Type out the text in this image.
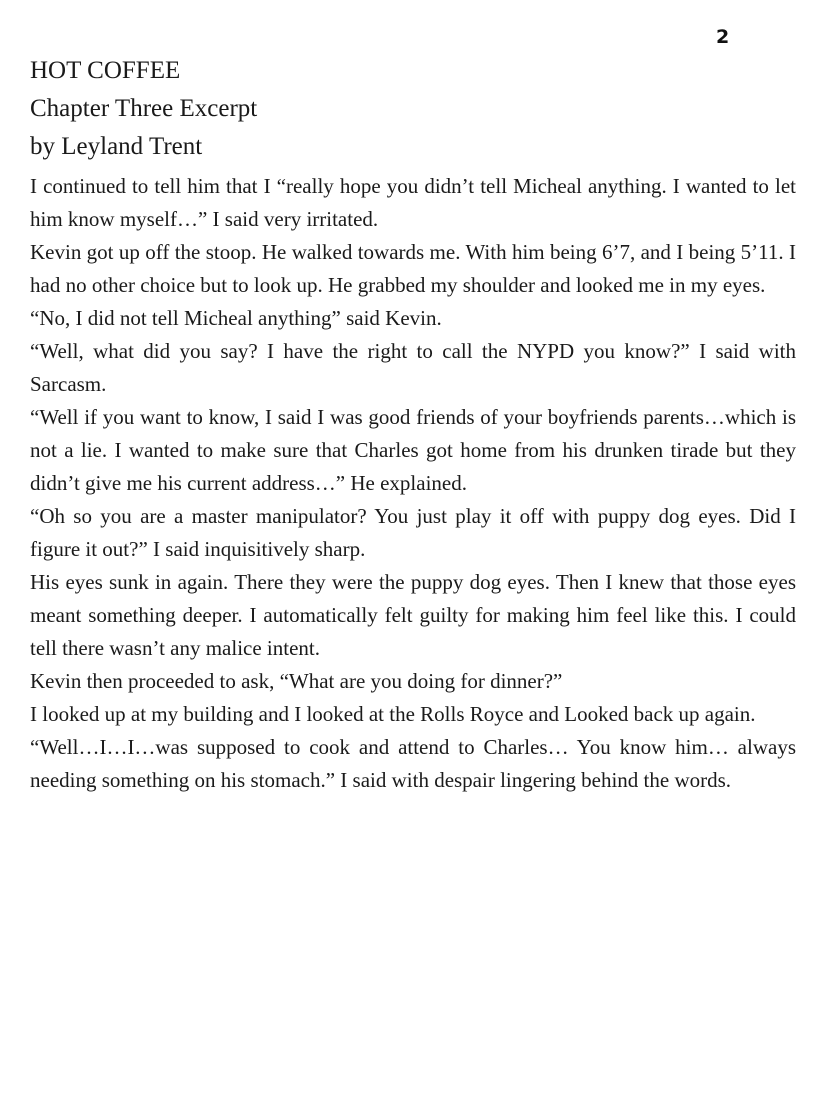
2
HOT COFFEE
Chapter Three Excerpt
by Leyland Trent

I continued to tell him that I “really hope you didn’t tell Micheal anything. I wanted to let him know myself…” I said very irritated.

Kevin got up off the stoop. He walked towards me. With him being 6’7, and I being 5’11. I had no other choice but to look up. He grabbed my shoulder and looked me in my eyes.

“No, I did not tell Micheal anything” said Kevin.

“Well, what did you say? I have the right to call the NYPD you know?” I said with Sarcasm.

“Well if you want to know, I said I was good friends of your boyfriends parents…which is not a lie. I wanted to make sure that Charles got home from his drunken tirade but they didn’t give me his current address…” He explained.

“Oh so you are a master manipulator? You just play it off with puppy dog eyes. Did I figure it out?” I said inquisitively sharp.

His eyes sunk in again. There they were the puppy dog eyes. Then I knew that those eyes meant something deeper. I automatically felt guilty for making him feel like this. I could tell there wasn’t any malice intent.

Kevin then proceeded to ask, “What are you doing for dinner?”

I looked up at my building and I looked at the Rolls Royce and Looked back up again.

“Well…I…I…was supposed to cook and attend to Charles… You know him… always needing something on his stomach.” I said with despair lingering behind the words.
